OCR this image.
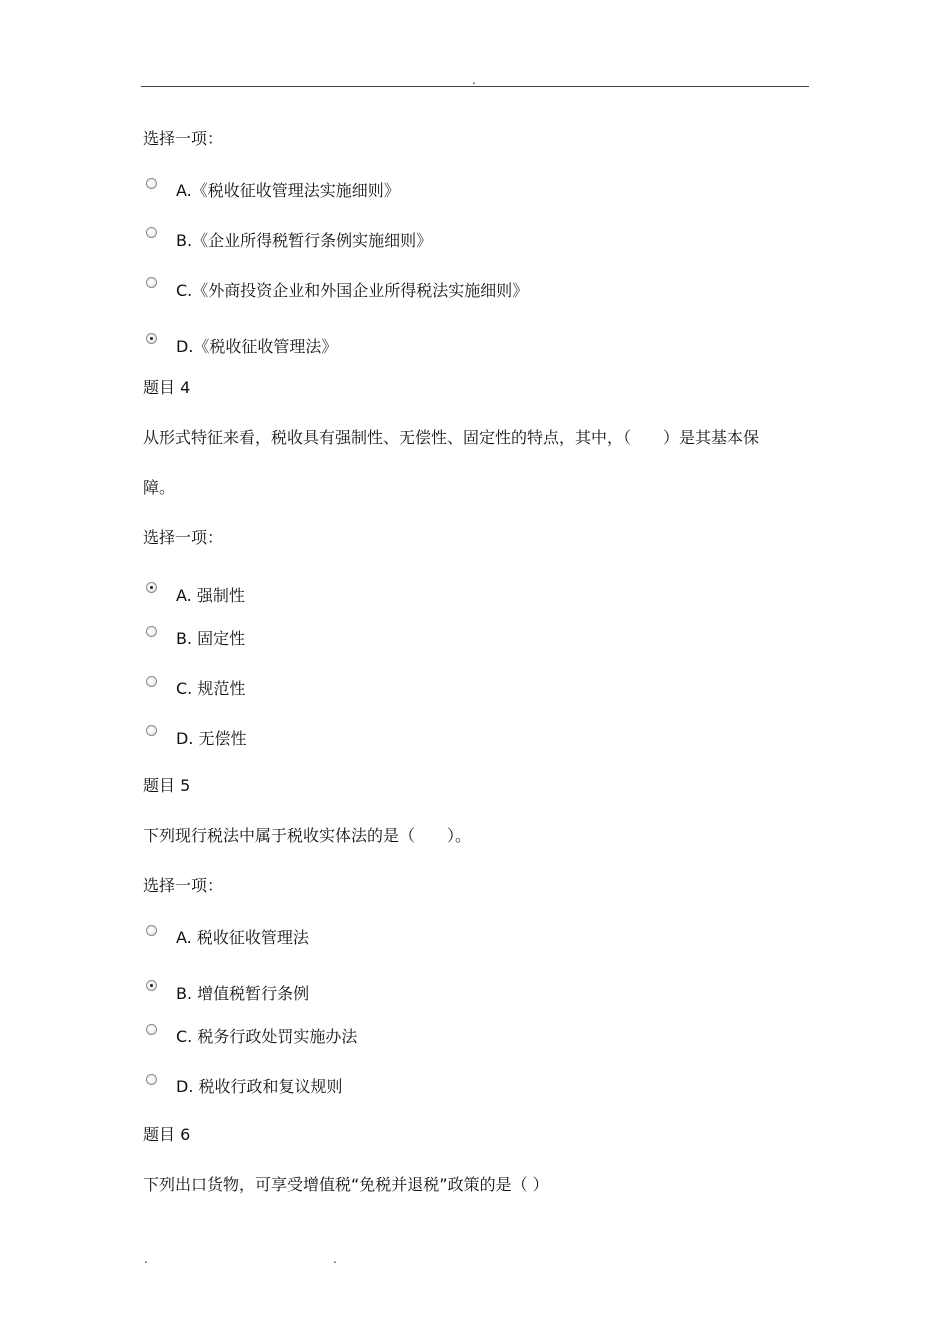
.
选择一项：
A.《税收征收管理法实施细则》
B.《企业所得税暂行条例实施细则》
C.《外商投资企业和外国企业所得税法实施细则》
D.《税收征收管理法》
题目 4
从形式特征来看，税收具有强制性、无偿性、固定性的特点，其中，（　　）是其基本保
障。
选择一项：
A. 强制性
B. 固定性
C. 规范性
D. 无偿性
题目 5
下列现行税法中属于税收实体法的是（　　）。
选择一项：
A. 税收征收管理法
B. 增值税暂行条例
C. 税务行政处罚实施办法
D. 税收行政和复议规则
题目 6
下列出口货物，可享受增值税“免税并退税”政策的是（ ）
.	.
